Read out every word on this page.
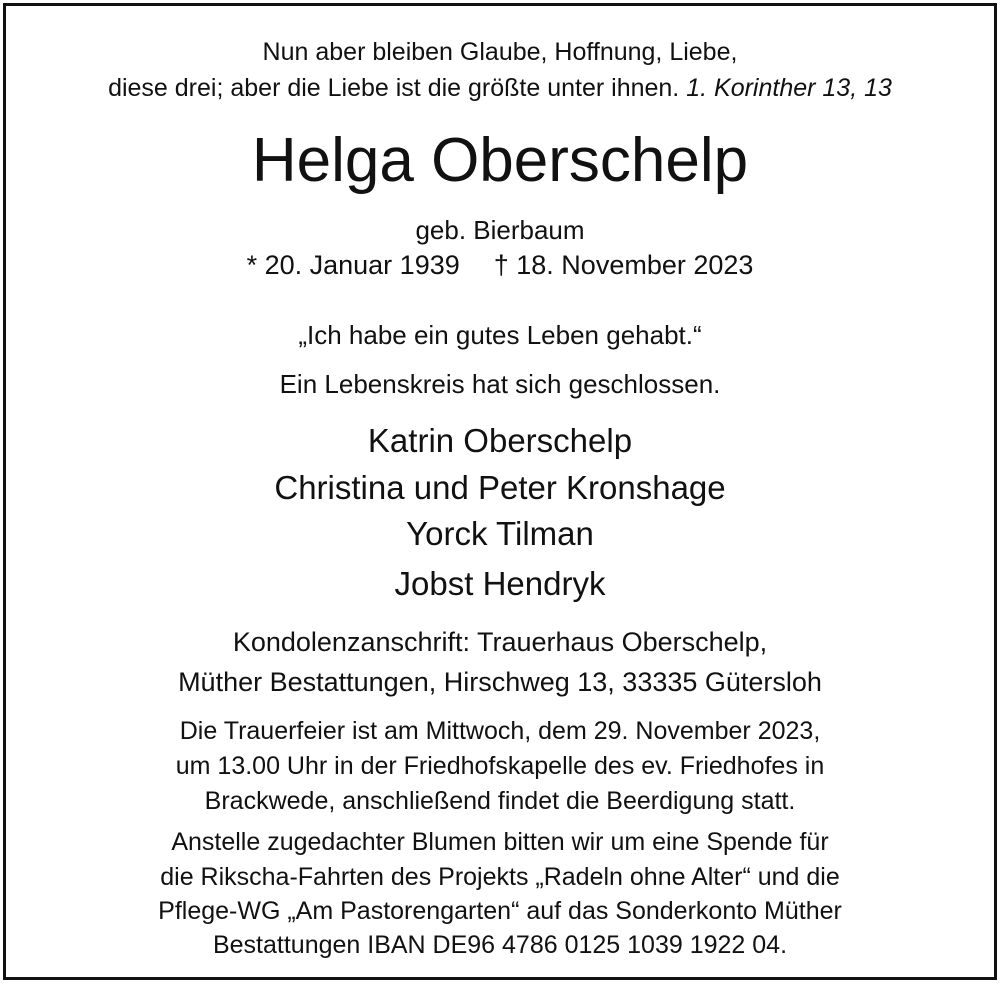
Nun aber bleiben Glaube, Hoffnung, Liebe,
diese drei; aber die Liebe ist die größte unter ihnen. 1. Korinther 13, 13
Helga Oberschelp
geb. Bierbaum
* 20. Januar 1939 † 18. November 2023
„Ich habe ein gutes Leben gehabt.“
Ein Lebenskreis hat sich geschlossen.
Katrin Oberschelp
Christina und Peter Kronshage
Yorck Tilman
Jobst Hendryk
Kondolenzanschrift: Trauerhaus Oberschelp,
Müther Bestattungen, Hirschweg 13, 33335 Gütersloh
Die Trauerfeier ist am Mittwoch, dem 29. November 2023,
um 13.00 Uhr in der Friedhofskapelle des ev. Friedhofes in
Brackwede, anschließend findet die Beerdigung statt.
Anstelle zugedachter Blumen bitten wir um eine Spende für
die Rikscha-Fahrten des Projekts „Radeln ohne Alter“ und die
Pflege-WG „Am Pastorengarten“ auf das Sonderkonto Müther
Bestattungen IBAN DE96 4786 0125 1039 1922 04.
